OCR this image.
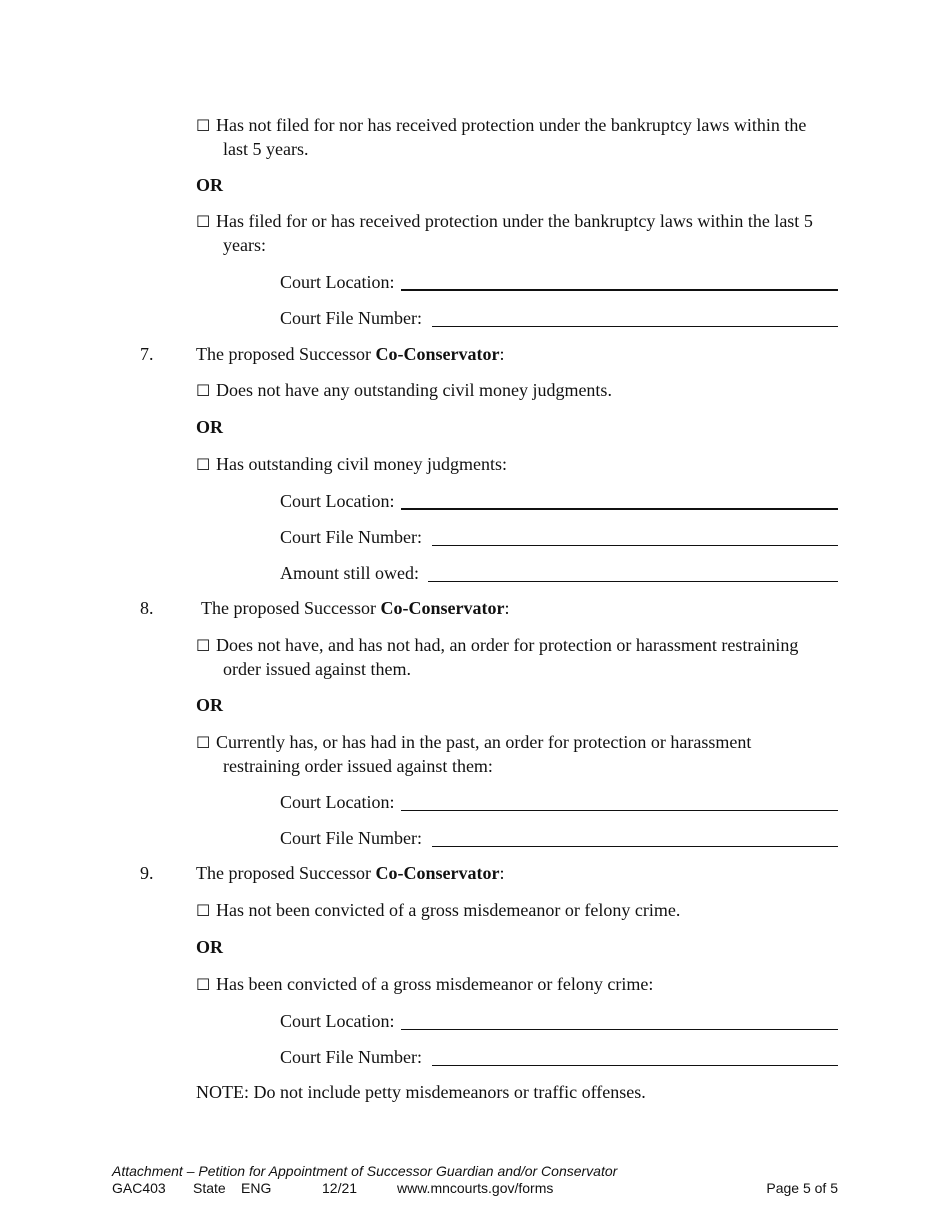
☐ Has not filed for nor has received protection under the bankruptcy laws within the
last 5 years.
OR
☐ Has filed for or has received protection under the bankruptcy laws within the last 5
years:
Court Location:
Court File Number:
7. The proposed Successor Co-Conservator:
☐ Does not have any outstanding civil money judgments.
OR
☐ Has outstanding civil money judgments:
Court Location:
Court File Number:
Amount still owed:
8.	The proposed Successor Co-Conservator:
☐ Does not have, and has not had, an order for protection or harassment restraining
order issued against them.
OR
☐ Currently has, or has had in the past, an order for protection or harassment
restraining order issued against them:
Court Location:
Court File Number:
9. The proposed Successor Co-Conservator:
☐ Has not been convicted of a gross misdemeanor or felony crime.
OR
☐ Has been convicted of a gross misdemeanor or felony crime:
Court Location:
Court File Number:
NOTE: Do not include petty misdemeanors or traffic offenses.
Attachment – Petition for Appointment of Successor Guardian and/or Conservator
GAC403 State ENG	12/21	www.mncourts.gov/forms	Page 5 of 5
